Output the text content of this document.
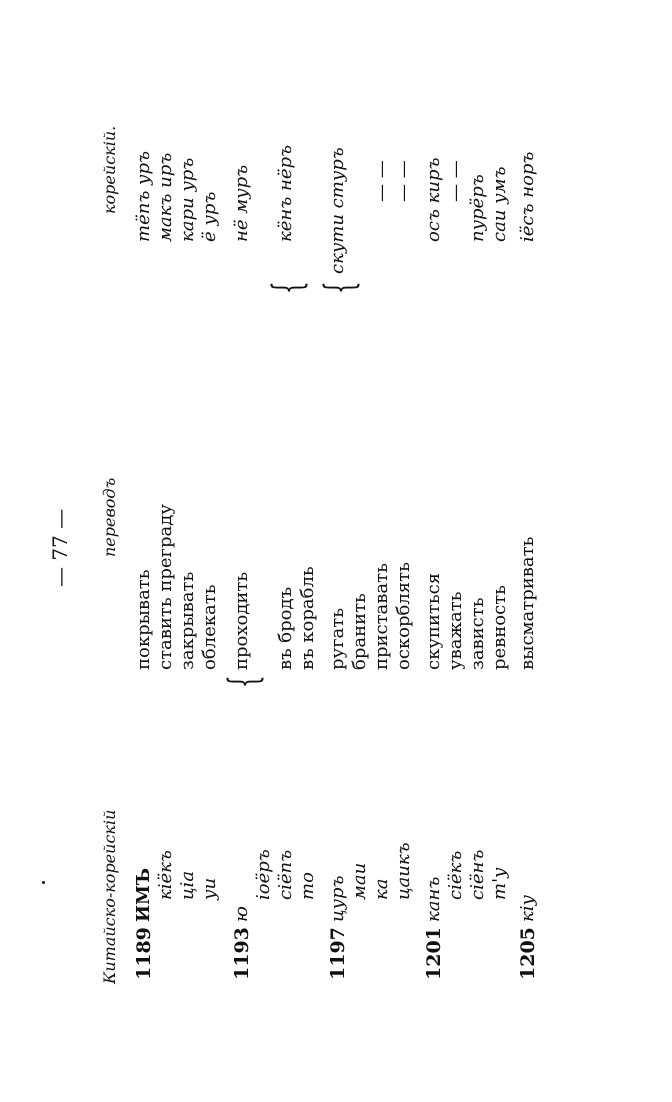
— 77 —
Китайско-корейскій
переводъ
корейскій.
1189
ИМЪ кіёкъ ціа уи
покрывать ставить преграду закрывать облекать
тёпъ уръ макъ иръ кари уръ ё уръ
1193
ю
іоёръ сіёпъ то
{
проходить въ бродъ въ корабль
нё муръ
{
кёнъ нёръ
1197
цуръ маи ка цаикъ
ругать бранить приставать оскорблять
{
скути стуръ — — — —
1201
канъ сіёкъ сіёнъ т'у
скупиться уважать зависть ревность
осъ киръ — — пурёръ саи умъ
1205
кіу
высматривать
іёсъ норъ
